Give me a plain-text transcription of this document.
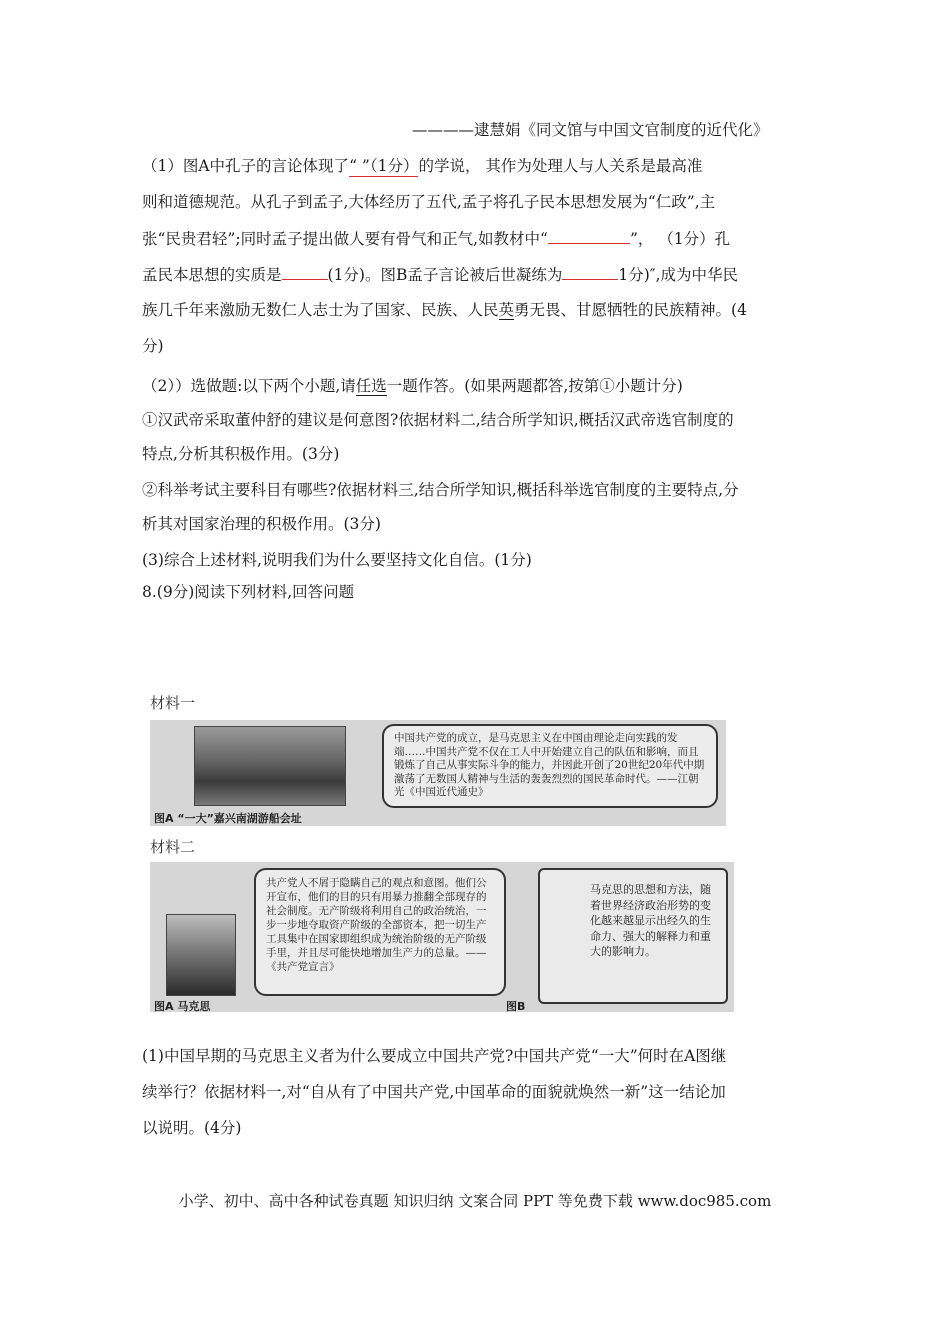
————逮慧娟《同文馆与中国文官制度的近代化》
（1）图A中孔子的言论体现了“ ”（1分）的学说， 其作为处理人与人关系是最高准
则和道德规范。从孔子到孟子,大体经历了五代,孟子将孔子民本思想发展为“仁政”,主
张“民贵君轻”;同时孟子提出做人要有骨气和正气,如教材中“	”， （1分）孔
孟民本思想的实质是	(1分)。图B孟子言论被后世凝练为	1分)″,成为中华民
族几千年来激励无数仁人志士为了国家、民族、人民英勇无畏、甘愿牺牲的民族精神。(4
分)
（2））选做题:以下两个小题,请任选一题作答。(如果两题都答,按第①小题计分)
①汉武帝采取董仲舒的建议是何意图?依据材料二,结合所学知识,概括汉武帝选官制度的
特点,分析其积极作用。(3分)
②科举考试主要科目有哪些?依据材料三,结合所学知识,概括科举选官制度的主要特点,分
析其对国家治理的积极作用。(3分)
(3)综合上述材料,说明我们为什么要坚持文化自信。(1分)
8.(9分)阅读下列材料,回答问题
材料一
中国共产党的成立，是马克思主义在中国由理论走向实践的发端……中国共产党不仅在工人中开始建立自己的队伍和影响，而且锻炼了自己从事实际斗争的能力，并因此开创了20世纪20年代中期激荡了无数国人精神与生活的轰轰烈烈的国民革命时代。——江朝光《中国近代通史》
图A “一大”嘉兴南湖游船会址
材料二
共产党人不屑于隐瞒自己的观点和意图。他们公开宣布，他们的目的只有用暴力推翻全部现存的社会制度。无产阶级将利用自己的政治统治，一步一步地夺取资产阶级的全部资本，把一切生产工具集中在国家即组织成为统治阶级的无产阶级手里，并且尽可能快地增加生产力的总量。——《共产党宣言》
马克思的思想和方法，随着世界经济政治形势的变化越来越显示出经久的生命力、强大的解释力和重大的影响力。
图A 马克思	图B
(1)中国早期的马克思主义者为什么要成立中国共产党?中国共产党“一大”何时在A图继
续举行？依据材料一,对“自从有了中国共产党,中国革命的面貌就焕然一新”这一结论加
以说明。(4分)
小学、初中、高中各种试卷真题 知识归纳 文案合同 PPT 等免费下载 www.doc985.com
